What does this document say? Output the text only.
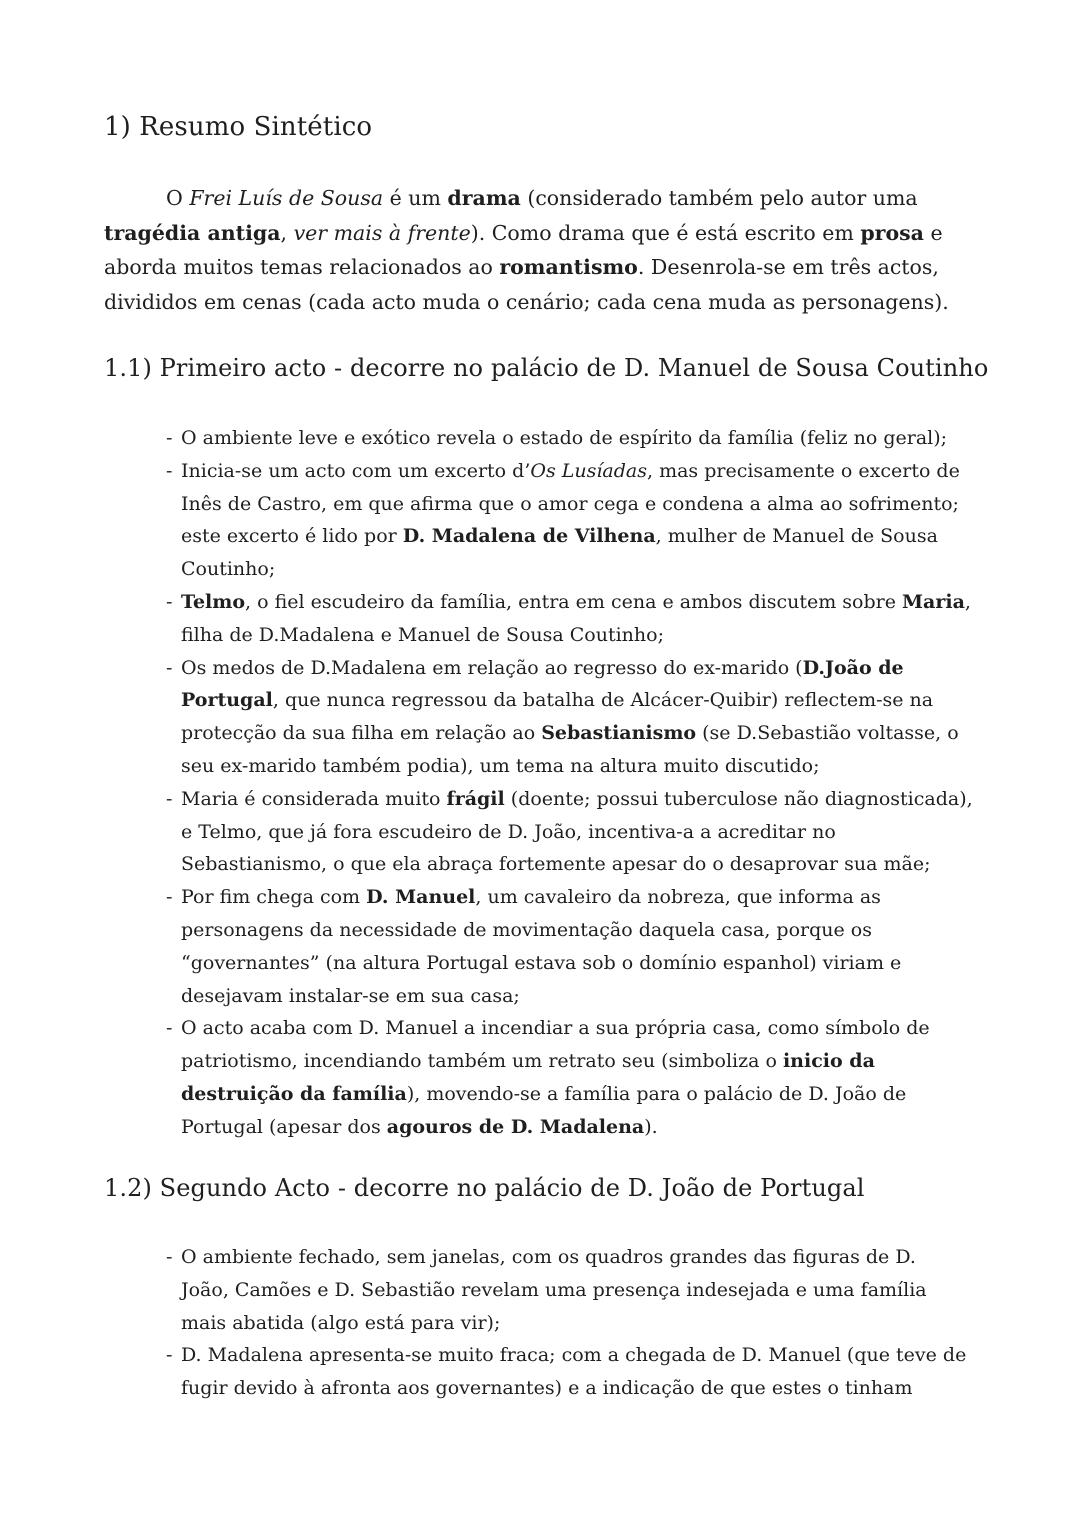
1) Resumo Sintético

O Frei Luís de Sousa é um drama (considerado também pelo autor uma
tragédia antiga, ver mais à frente). Como drama que é está escrito em prosa e
aborda muitos temas relacionados ao romantismo. Desenrola-se em três actos,
divididos em cenas (cada acto muda o cenário; cada cena muda as personagens).

1.1) Primeiro acto - decorre no palácio de D. Manuel de Sousa Coutinho
- O ambiente leve e exótico revela o estado de espírito da família (feliz no geral);
- Inicia-se um acto com um excerto d’Os Lusíadas, mas precisamente o excerto de
Inês de Castro, em que afirma que o amor cega e condena a alma ao sofrimento;
este excerto é lido por D. Madalena de Vilhena, mulher de Manuel de Sousa
Coutinho;
- Telmo, o fiel escudeiro da família, entra em cena e ambos discutem sobre Maria,
filha de D.Madalena e Manuel de Sousa Coutinho;
- Os medos de D.Madalena em relação ao regresso do ex-marido (D.João de
Portugal, que nunca regressou da batalha de Alcácer-Quibir) reflectem-se na
protecção da sua filha em relação ao Sebastianismo (se D.Sebastião voltasse, o
seu ex-marido também podia), um tema na altura muito discutido;
- Maria é considerada muito frágil (doente; possui tuberculose não diagnosticada),
e Telmo, que já fora escudeiro de D. João, incentiva-a a acreditar no
Sebastianismo, o que ela abraça fortemente apesar do o desaprovar sua mãe;
- Por fim chega com D. Manuel, um cavaleiro da nobreza, que informa as
personagens da necessidade de movimentação daquela casa, porque os
“governantes” (na altura Portugal estava sob o domínio espanhol) viriam e
desejavam instalar-se em sua casa;
- O acto acaba com D. Manuel a incendiar a sua própria casa, como símbolo de
patriotismo, incendiando também um retrato seu (simboliza o inicio da
destruição da família), movendo-se a família para o palácio de D. João de
Portugal (apesar dos agouros de D. Madalena).
1.2) Segundo Acto - decorre no palácio de D. João de Portugal
- O ambiente fechado, sem janelas, com os quadros grandes das figuras de D.
João, Camões e D. Sebastião revelam uma presença indesejada e uma família
mais abatida (algo está para vir);
- D. Madalena apresenta-se muito fraca; com a chegada de D. Manuel (que teve de
fugir devido à afronta aos governantes) e a indicação de que estes o tinham
